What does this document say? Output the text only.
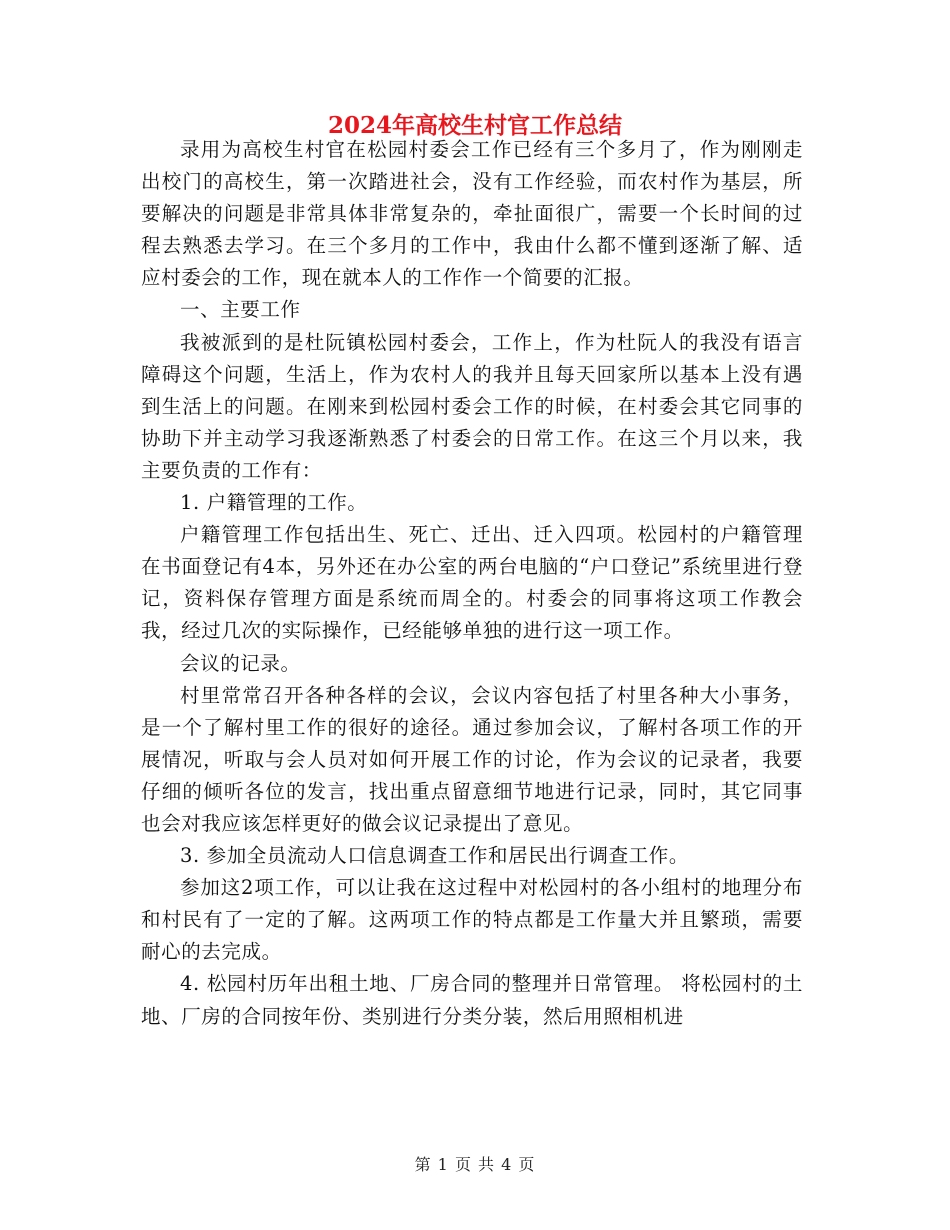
2024年高校生村官工作总结

录用为高校生村官在松园村委会工作已经有三个多月了，作为刚刚走出校门的高校生，第一次踏进社会，没有工作经验，而农村作为基层，所要解决的问题是非常具体非常复杂的，牵扯面很广，需要一个长时间的过程去熟悉去学习。在三个多月的工作中，我由什么都不懂到逐渐了解、适应村委会的工作，现在就本人的工作作一个简要的汇报。

一、主要工作

我被派到的是杜阮镇松园村委会，工作上，作为杜阮人的我没有语言障碍这个问题，生活上，作为农村人的我并且每天回家所以基本上没有遇到生活上的问题。在刚来到松园村委会工作的时候，在村委会其它同事的协助下并主动学习我逐渐熟悉了村委会的日常工作。在这三个月以来，我主要负责的工作有：

1. 户籍管理的工作。

户籍管理工作包括出生、死亡、迁出、迁入四项。松园村的户籍管理在书面登记有4本，另外还在办公室的两台电脑的“户口登记”系统里进行登记，资料保存管理方面是系统而周全的。村委会的同事将这项工作教会我，经过几次的实际操作，已经能够单独的进行这一项工作。

会议的记录。

村里常常召开各种各样的会议，会议内容包括了村里各种大小事务，是一个了解村里工作的很好的途径。通过参加会议，了解村各项工作的开展情况，听取与会人员对如何开展工作的讨论，作为会议的记录者，我要仔细的倾听各位的发言，找出重点留意细节地进行记录，同时，其它同事也会对我应该怎样更好的做会议记录提出了意见。

3. 参加全员流动人口信息调查工作和居民出行调查工作。

参加这2项工作，可以让我在这过程中对松园村的各小组村的地理分布和村民有了一定的了解。这两项工作的特点都是工作量大并且繁琐，需要耐心的去完成。

4. 松园村历年出租土地、厂房合同的整理并日常管理。 将松园村的土地、厂房的合同按年份、类别进行分类分装，然后用照相机进

第 1 页 共 4 页
